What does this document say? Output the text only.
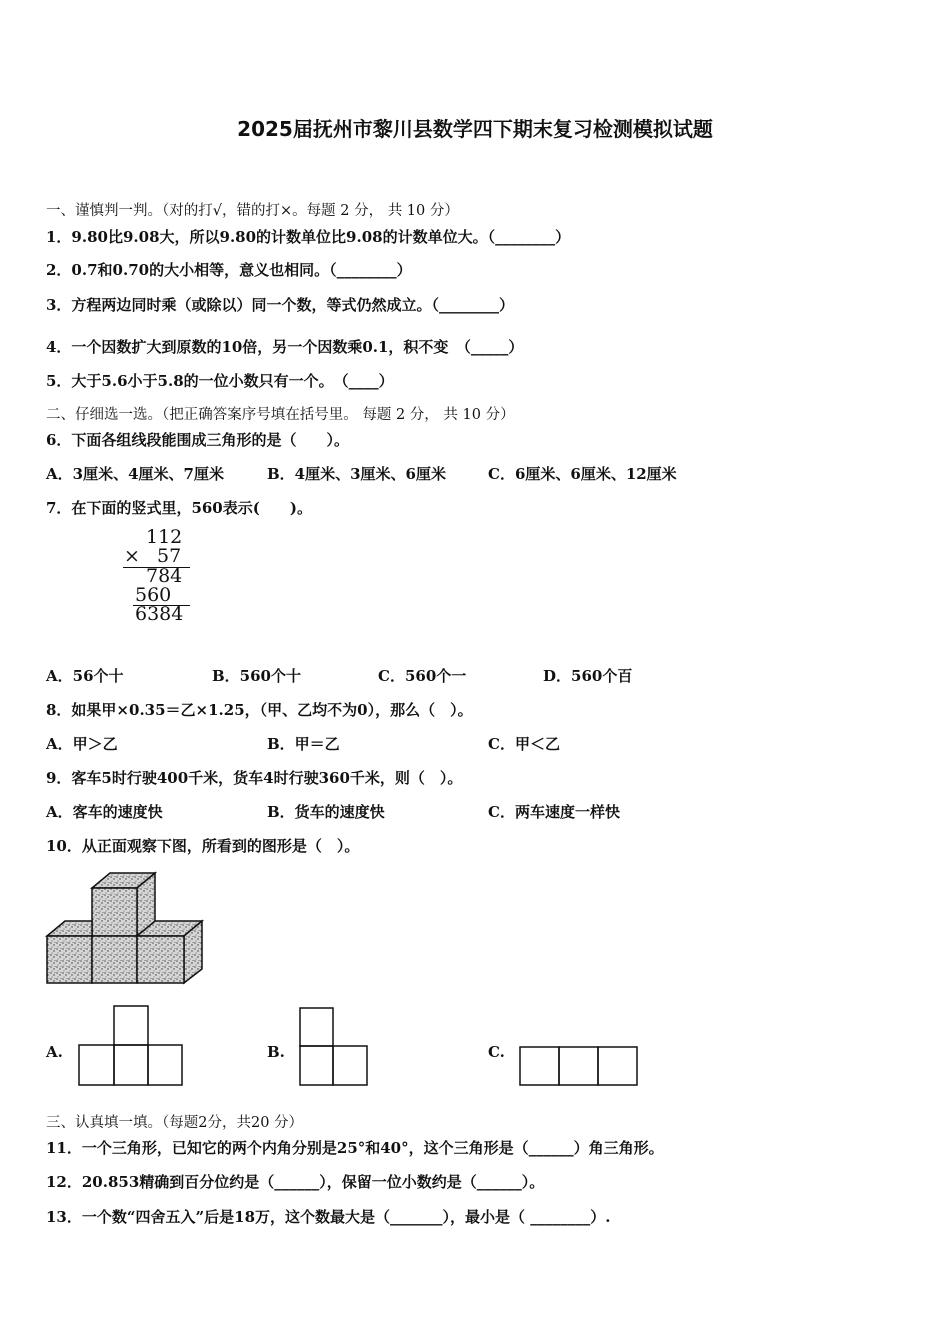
2025届抚州市黎川县数学四下期末复习检测模拟试题
一、谨慎判一判。（对的打√，错的打×。每题 2 分， 共 10 分）
1．9.80比9.08大，所以9.80的计数单位比9.08的计数单位大。（________）
2．0.7和0.70的大小相等，意义也相同。（________）
3．方程两边同时乘（或除以）同一个数，等式仍然成立。（________）
4．一个因数扩大到原数的10倍，另一个因数乘0.1，积不变　（_____）
5．大于5.6小于5.8的一位小数只有一个。　（____）
二、仔细选一选。（把正确答案序号填在括号里。 每题 2 分， 共 10 分）
6．下面各组线段能围成三角形的是（　　）。
A．3厘米、4厘米、7厘米	B．4厘米、3厘米、6厘米	C．6厘米、6厘米、12厘米
7．在下面的竖式里，560表示(　　)。
112
× 57
784
560
6384
A．56个十	B．560个十	C．560个一	D．560个百
8．如果甲×0.35＝乙×1.25，（甲、乙均不为0），那么（　）。
A．甲＞乙	B．甲＝乙	C．甲＜乙
9．客车5时行驶400千米，货车4时行驶360千米，则（　）。
A．客车的速度快	B．货车的速度快	C．两车速度一样快
10．从正面观察下图，所看到的图形是（　）。
A.	B.	C.
三、认真填一填。（每题2分，共20 分）
11．一个三角形，已知它的两个内角分别是25°和40°，这个三角形是（______）角三角形。
12．20.853精确到百分位约是（______），保留一位小数约是（______）。
13．一个数“四舍五入”后是18万，这个数最大是（_______），最小是（ ________）.
